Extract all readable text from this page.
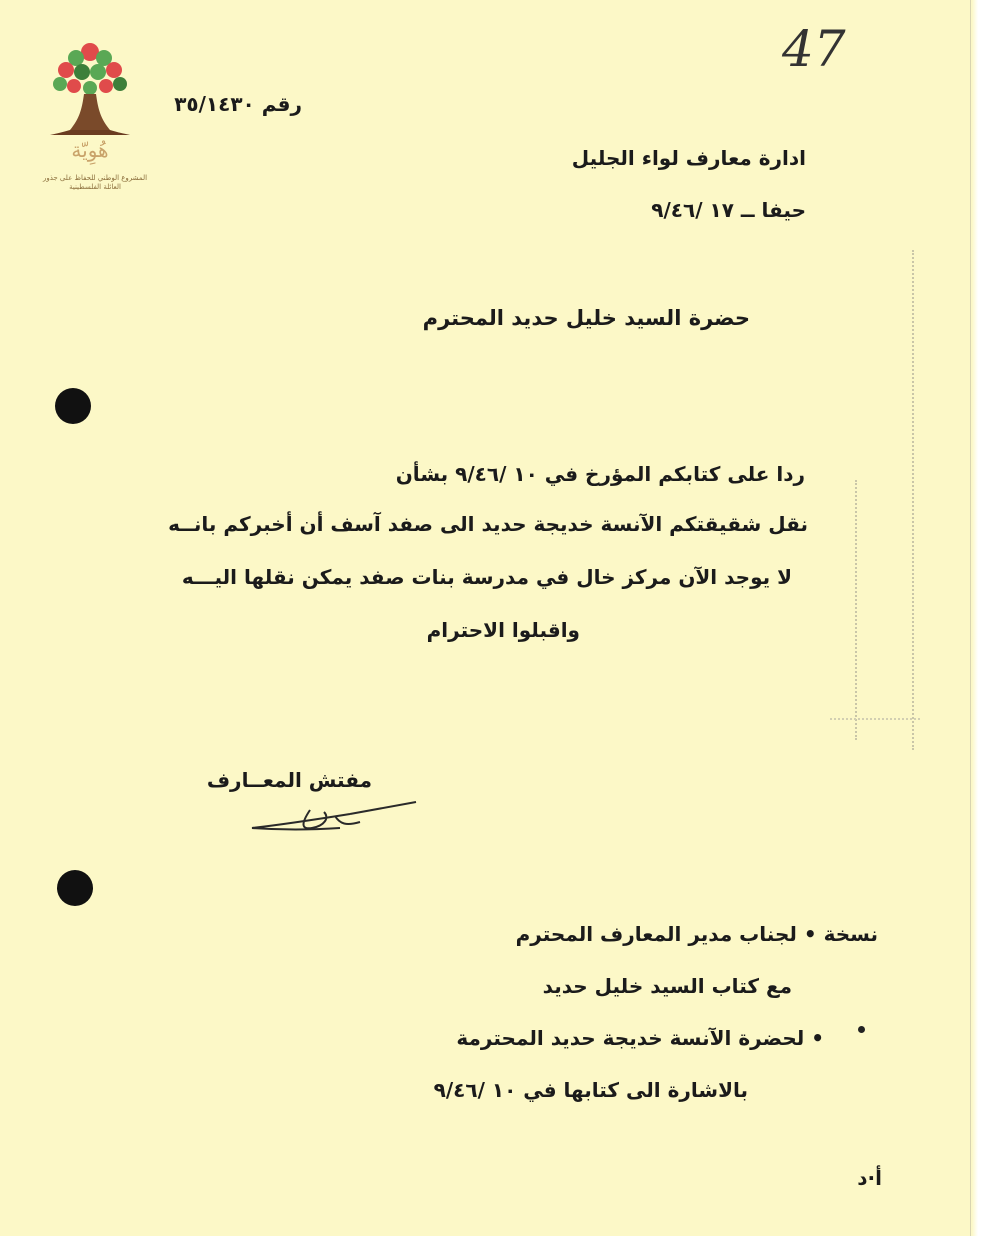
هُوِيّة
المشروع الوطني للحفاظ على جذور العائلة الفلسطينية
47
رقم ٣٥/١٤٣٠
ادارة معارف لواء الجليل
حيفا ــ ١٧ /٩/٤٦
حضرة السيد خليل حديد المحترم
ردا على كتابكم المؤرخ في ١٠ /٩/٤٦ بشأن
نقل شقيقتكم الآنسة خديجة حديد الى صفد آسف أن أخبركم بانــه
لا يوجد الآن مركز خال في مدرسة بنات صفد يمكن نقلها اليـــه
واقبلوا الاحترام
مفتش المعــارف
نسخة • لجناب مدير المعارف المحترم
مع كتاب السيد خليل حديد
• لحضرة الآنسة خديجة حديد المحترمة
بالاشارة الى كتابها في ١٠ /٩/٤٦
أ·د
